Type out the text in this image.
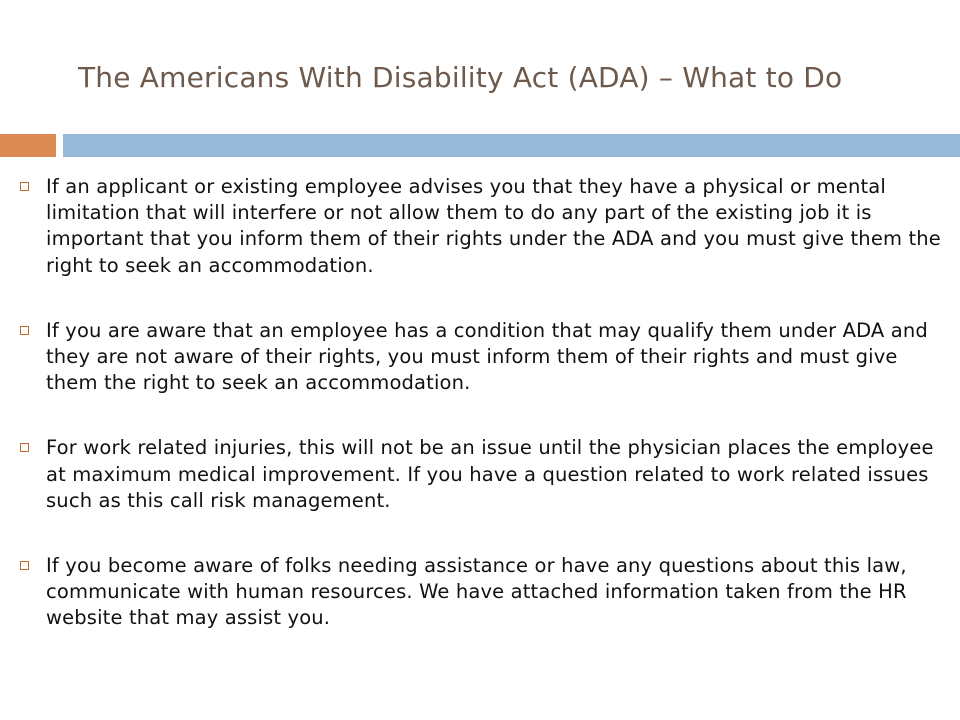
The Americans With Disability Act (ADA) – What to Do
If an applicant or existing employee advises you that they have a physical or mental limitation that will interfere or not allow them to do any part of the existing job it is important that you inform them of their rights under the ADA and you must give them the right to seek an accommodation.
If you are aware that an employee has a condition that may qualify them under ADA and they are not aware of their rights, you must inform them of their rights and must give them the right to seek an accommodation.
For work related injuries, this will not be an issue until the physician places the employee at maximum medical improvement. If you have a question related to work related issues such as this call risk management.
If you become aware of folks needing assistance or have any questions about this law, communicate with human resources. We have attached information taken from the HR website that may assist you.
